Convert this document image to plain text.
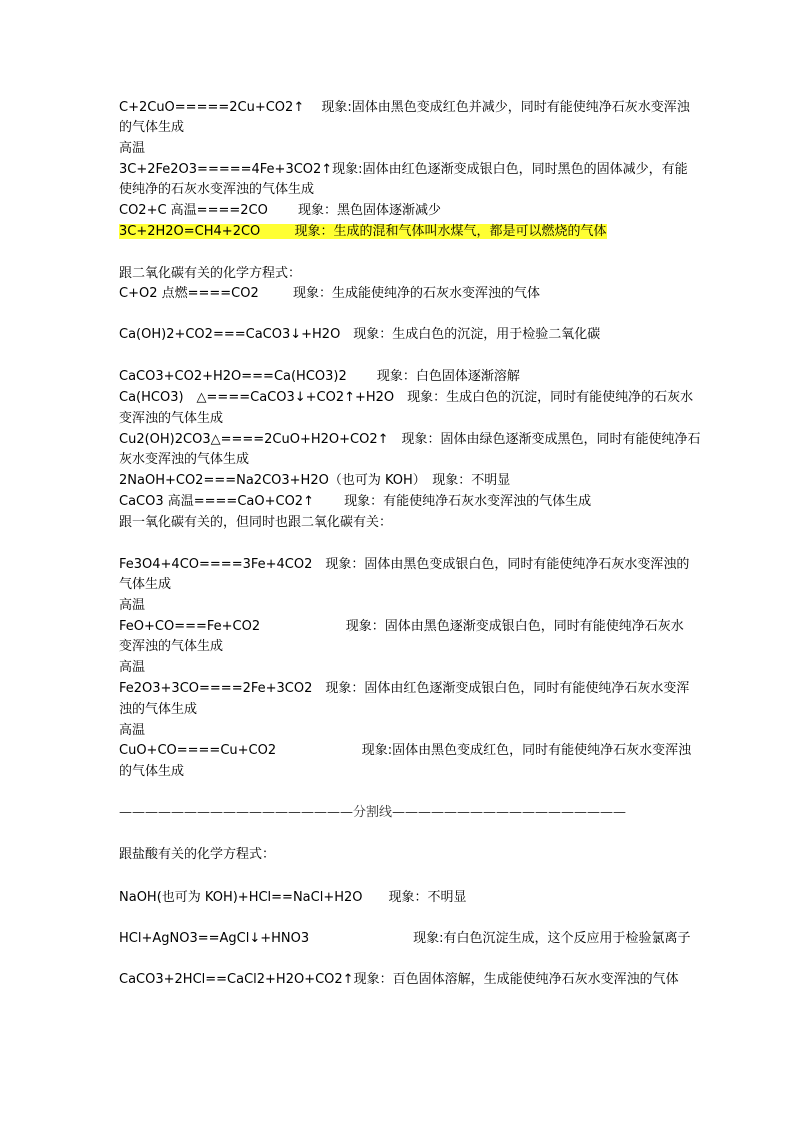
C+2CuO=====2Cu+CO2↑　 现象:固体由黑色变成红色并减少，同时有能使纯净石灰水变浑浊
的气体生成
高温
3C+2Fe2O3=====4Fe+3CO2↑现象:固体由红色逐渐变成银白色，同时黑色的固体减少，有能
使纯净的石灰水变浑浊的气体生成
CO2+C 高温====2CO　 　现象：黑色固体逐渐减少
3C+2H2O=CH4+2CO　 　 现象：生成的混和气体叫水煤气，都是可以燃烧的气体
跟二氧化碳有关的化学方程式：
C+O2 点燃====CO2　 　 现象：生成能使纯净的石灰水变浑浊的气体
Ca(OH)2+CO2===CaCO3↓+H2O　现象：生成白色的沉淀，用于检验二氧化碳
CaCO3+CO2+H2O===Ca(HCO3)2　 　现象：白色固体逐渐溶解
Ca(HCO3)　△====CaCO3↓+CO2↑+H2O　现象：生成白色的沉淀，同时有能使纯净的石灰水
变浑浊的气体生成
Cu2(OH)2CO3△====2CuO+H2O+CO2↑　现象：固体由绿色逐渐变成黑色，同时有能使纯净石
灰水变浑浊的气体生成
2NaOH+CO2===Na2CO3+H2O（也可为 KOH）　现象：不明显
CaCO3 高温====CaO+CO2↑　 　现象：有能使纯净石灰水变浑浊的气体生成
跟一氧化碳有关的，但同时也跟二氧化碳有关：
Fe3O4+4CO====3Fe+4CO2　现象：固体由黑色变成银白色，同时有能使纯净石灰水变浑浊的
气体生成
高温
FeO+CO===Fe+CO2　 　 　 　 　 现象：固体由黑色逐渐变成银白色，同时有能使纯净石灰水
变浑浊的气体生成
高温
Fe2O3+3CO====2Fe+3CO2　现象：固体由红色逐渐变成银白色，同时有能使纯净石灰水变浑
浊的气体生成
高温
CuO+CO====Cu+CO2　 　 　 　 　 现象:固体由黑色变成红色，同时有能使纯净石灰水变浑浊
的气体生成
——————————————————分割线——————————————————
跟盐酸有关的化学方程式：
NaOH(也可为 KOH)+HCl==NaCl+H2O　　现象：不明显
HCl+AgNO3==AgCl↓+HNO3　　　　　　　　现象:有白色沉淀生成，这个反应用于检验氯离子
CaCO3+2HCl==CaCl2+H2O+CO2↑现象：百色固体溶解，生成能使纯净石灰水变浑浊的气体
